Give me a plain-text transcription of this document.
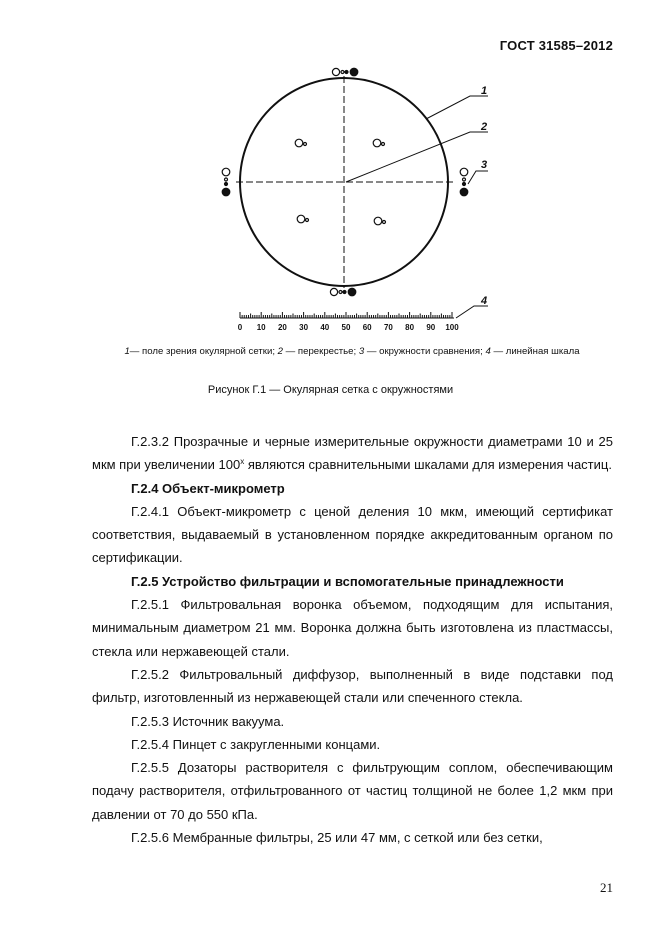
ГОСТ 31585–2012
1
2
3
4
0 10 20 30 40 50 60 70 80 90 100
1— поле зрения окулярной сетки; 2 — перекрестье; 3 — окружности сравнения; 4 — линейная шкала
Рисунок Г.1 — Окулярная сетка с окружностями

Г.2.3.2 Прозрачные и черные измерительные окружности диаметрами 10 и 25 мкм при увеличении $100^х$ являются сравнительными шкалами для измерения частиц.

Г.2.4 Объект-микрометр

Г.2.4.1 Объект-микрометр с ценой деления 10 мкм, имеющий сертификат соответствия, выдаваемый в установленном порядке аккредитованным органом по сертификации.

Г.2.5 Устройство фильтрации и вспомогательные принадлежности

Г.2.5.1 Фильтровальная воронка объемом, подходящим для испытания, минимальным диаметром 21 мм. Воронка должна быть изготовлена из пластмассы, стекла или нержавеющей стали.

Г.2.5.2 Фильтровальный диффузор, выполненный в виде подставки под фильтр, изготовленный из нержавеющей стали или спеченного стекла.

Г.2.5.3 Источник вакуума.

Г.2.5.4 Пинцет с закругленными концами.

Г.2.5.5 Дозаторы растворителя с фильтрующим соплом, обеспечивающим подачу растворителя, отфильтрованного от частиц толщиной не более 1,2 мкм при давлении от 70 до 550 кПа.

Г.2.5.6 Мембранные фильтры, 25 или 47 мм, с сеткой или без сетки,

21
